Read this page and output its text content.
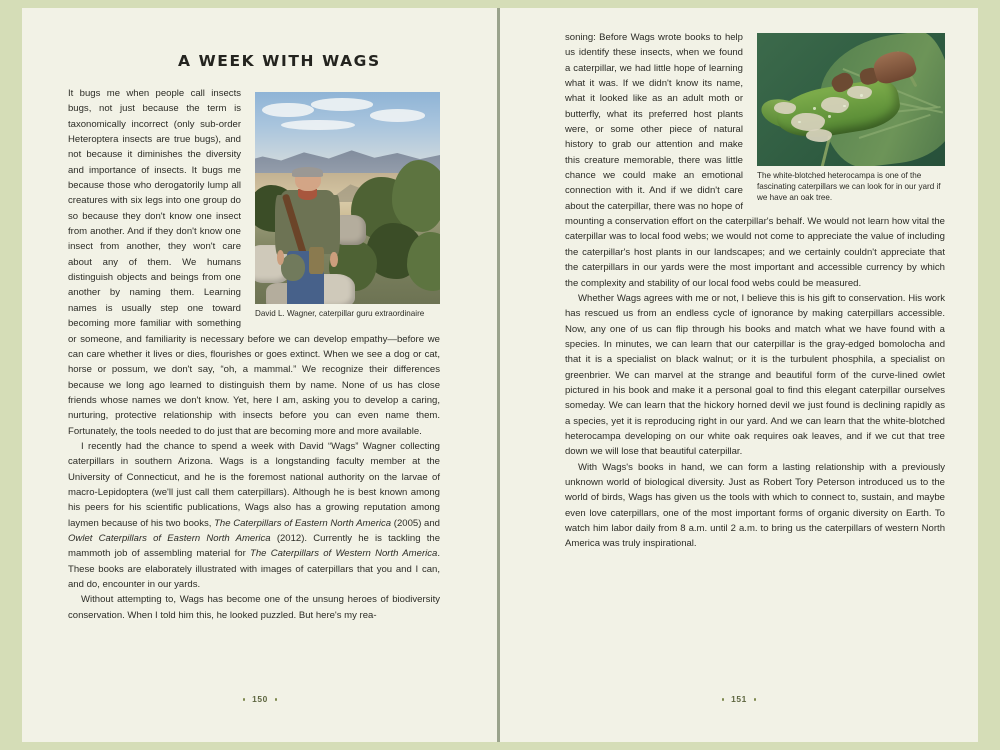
A WEEK WITH WAGS
David L. Wagner, caterpillar guru extraordinaire

It bugs me when people call insects bugs, not just because the term is taxonomically incorrect (only sub-order Heteroptera insects are true bugs), and not because it diminishes the diversity and importance of insects. It bugs me because those who derogatorily lump all creatures with six legs into one group do so because they don't know one insect from another. And if they don't know one insect from another, they won't care about any of them. We humans distinguish objects and beings from one another by naming them. Learning names is usually step one toward becoming more familiar with something or someone, and familiarity is necessary before we can develop empathy—before we can care whether it lives or dies, flourishes or goes extinct. When we see a dog or cat, horse or possum, we don't say, “oh, a mammal.” We recognize their differences because we long ago learned to distinguish them by name. None of us has close friends whose names we don't know. Yet, here I am, asking you to develop a caring, nurturing, protective relationship with insects before you can even name them. Fortunately, the tools needed to do just that are becoming more and more available.

I recently had the chance to spend a week with David “Wags” Wagner collecting caterpillars in southern Arizona. Wags is a longstanding faculty member at the University of Connecticut, and he is the foremost national authority on the larvae of macro-Lepidoptera (we'll just call them caterpillars). Although he is best known among his peers for his scientific publications, Wags also has a growing reputation among laymen because of his two books, The Caterpillars of Eastern North America (2005) and Owlet Caterpillars of Eastern North America (2012). Currently he is tackling the mammoth job of assembling material for The Caterpillars of Western North America. These books are elaborately illustrated with images of caterpillars that you and I can, and do, encounter in our yards.

Without attempting to, Wags has become one of the unsung heroes of biodiversity conservation. When I told him this, he looked puzzled. But here's my rea-

150
The white-blotched heterocampa is one of the fascinating caterpillars we can look for in our yard if we have an oak tree.

soning: Before Wags wrote books to help us identify these insects, when we found a caterpillar, we had little hope of learning what it was. If we didn't know its name, what it looked like as an adult moth or butterfly, what its preferred host plants were, or some other piece of natural history to grab our attention and make this creature memorable, there was little chance we could make an emotional connection with it. And if we didn't care about the caterpillar, there was no hope of mounting a conservation effort on the caterpillar's behalf. We would not learn how vital the caterpillar was to local food webs; we would not come to appreciate the value of including the caterpillar's host plants in our landscapes; and we certainly couldn't appreciate that the caterpillars in our yards were the most important and accessible currency by which the complexity and stability of our local food webs could be measured.

Whether Wags agrees with me or not, I believe this is his gift to conservation. His work has rescued us from an endless cycle of ignorance by making caterpillars accessible. Now, any one of us can flip through his books and match what we have found with a species. In minutes, we can learn that our caterpillar is the gray-edged bomolocha and that it is a specialist on black walnut; or it is the turbulent phosphila, a specialist on greenbrier. We can marvel at the strange and beautiful form of the curve-lined owlet pictured in his book and make it a personal goal to find this elegant caterpillar ourselves someday. We can learn that the hickory horned devil we just found is declining rapidly as a species, yet it is reproducing right in our yard. And we can learn that the white-blotched heterocampa developing on our white oak requires oak leaves, and if we cut that tree down we will lose that beautiful caterpillar.

With Wags's books in hand, we can form a lasting relationship with a previously unknown world of biological diversity. Just as Robert Tory Peterson introduced us to the world of birds, Wags has given us the tools with which to connect to, sustain, and maybe even love caterpillars, one of the most important forms of organic diversity on Earth. To watch him labor daily from 8 a.m. until 2 a.m. to bring us the caterpillars of western North America was truly inspirational.

151
